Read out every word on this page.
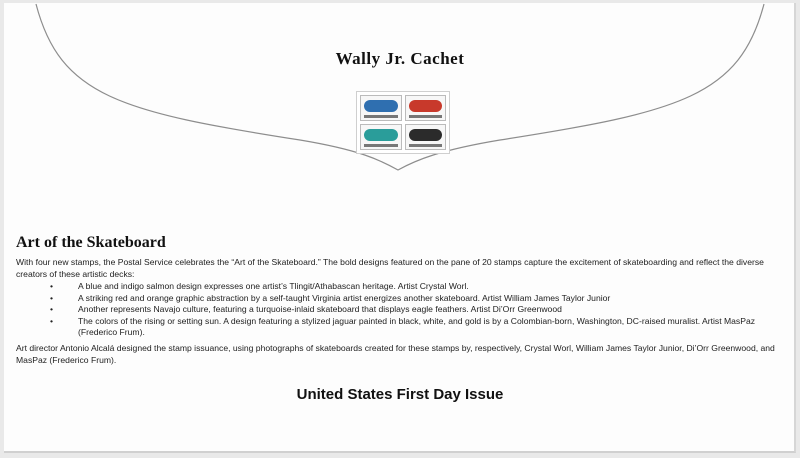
Wally Jr. Cachet
Art of the Skateboard
With four new stamps, the Postal Service celebrates the “Art of the Skateboard.” The bold designs featured on the pane of 20 stamps capture the excitement of skateboarding and reflect the diverse creators of these artistic decks:
•	A blue and indigo salmon design expresses one artist’s Tlingit/Athabascan heritage. Artist Crystal Worl.
•	A striking red and orange graphic abstraction by a self-taught Virginia artist energizes another skateboard. Artist William James Taylor Junior
•	Another represents Navajo culture, featuring a turquoise-inlaid skateboard that displays eagle feathers. Artist Di’Orr Greenwood
•	The colors of the rising or setting sun. A design featuring a stylized jaguar painted in black, white, and gold is by a Colombian-born, Washington, DC-raised muralist. Artist MasPaz (Frederico Frum).
Art director Antonio Alcalá designed the stamp issuance, using photographs of skateboards created for these stamps by, respectively, Crystal Worl, William James Taylor Junior, Di’Orr Greenwood, and MasPaz (Frederico Frum).
United States First Day Issue
